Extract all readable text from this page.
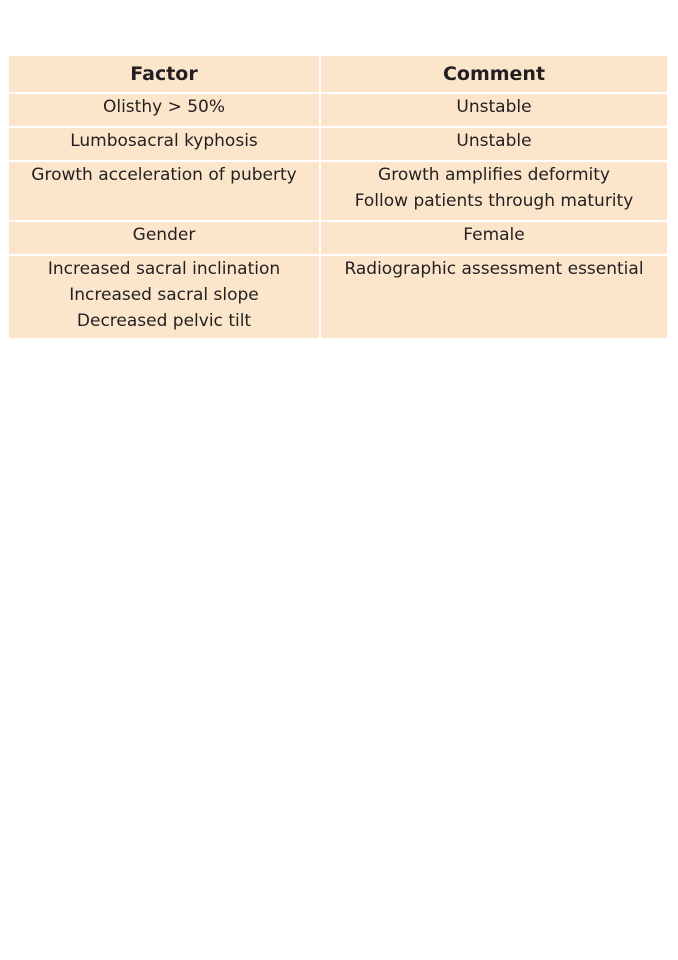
Factor	Comment

Olisthy > 50%	Unstable

Lumbosacral kyphosis	Unstable

Growth acceleration of puberty	Growth amplifies deformity
Follow patients through maturity

Gender	Female

Increased sacral inclination
Increased sacral slope
Decreased pelvic tilt	Radiographic assessment essential
